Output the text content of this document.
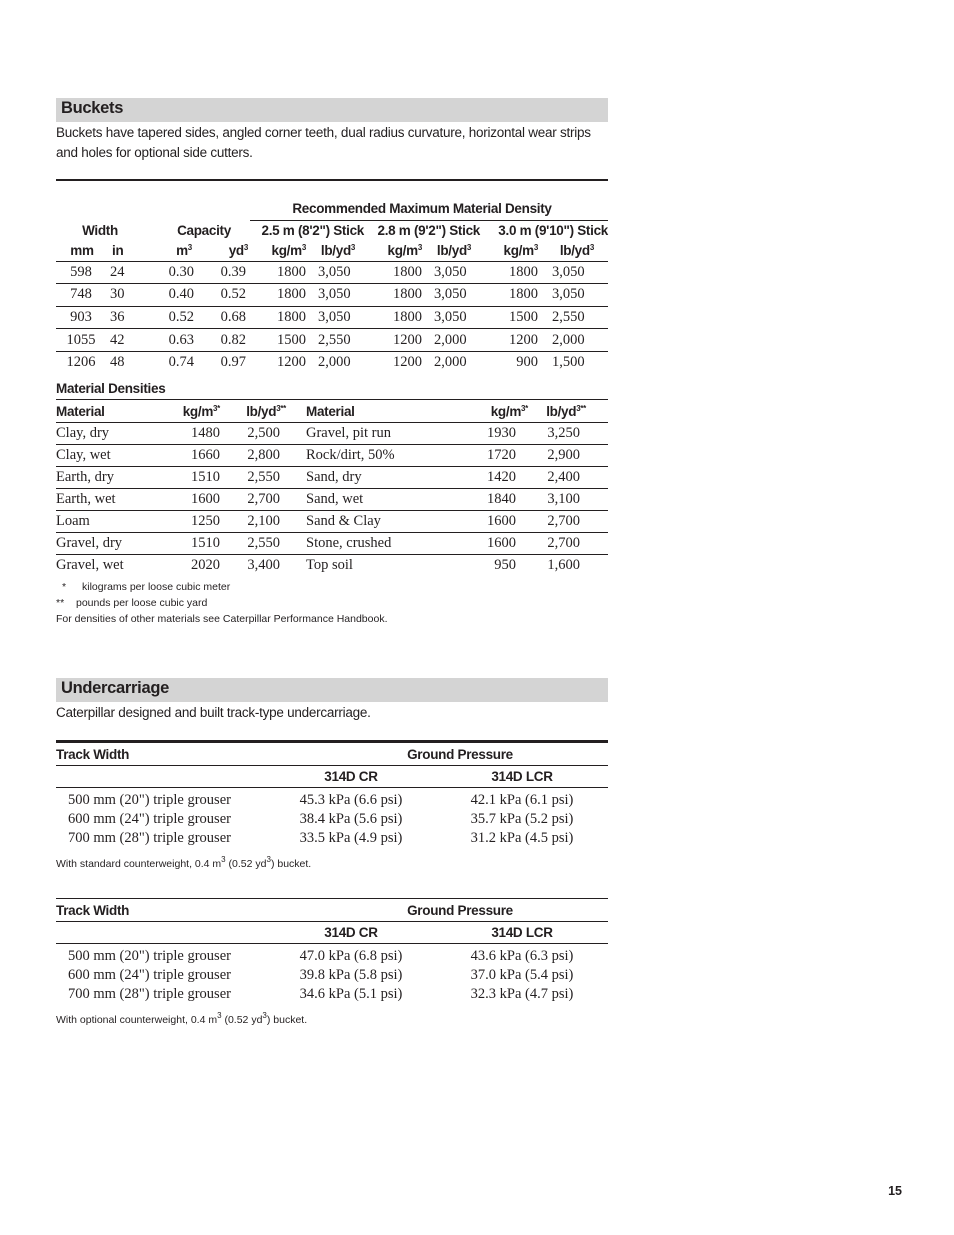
Buckets
Buckets have tapered sides, angled corner teeth, dual radius curvature, horizontal wear strips and holes for optional side cutters.
				Recommended Maximum Material Density					
Width		Capacity		2.5 m (8'2") Stick		2.8 m (9'2") Stick		3.0 m (9'10") Stick	
mm	in	$m^3$	$yd^3$	$kg/m^3$	$lb/yd^3$	$kg/m^3$	$lb/yd^3$	$kg/m^3$	$lb/yd^3$
598	24	0.30	0.39	1800	3,050	1800	3,050	1800	3,050
748	30	0.40	0.52	1800	3,050	1800	3,050	1800	3,050
903	36	0.52	0.68	1800	3,050	1800	3,050	1500	2,550
1055	42	0.63	0.82	1500	2,550	1200	2,000	1200	2,000
1206	48	0.74	0.97	1200	2,000	1200	2,000	900	1,500
Material Densities
Material	$kg/m^{3*}$	$lb/yd^{3**}$	Material	$kg/m^{3*}$	$lb/yd^{3**}$
Clay, dry	1480	2,500	Gravel, pit run	1930	3,250
Clay, wet	1660	2,800	Rock/dirt, 50%	1720	2,900
Earth, dry	1510	2,550	Sand, dry	1420	2,400
Earth, wet	1600	2,700	Sand, wet	1840	3,100
Loam	1250	2,100	Sand & Clay	1600	2,700
Gravel, dry	1510	2,550	Stone, crushed	1600	2,700
Gravel, wet	2020	3,400	Top soil	950	1,600
* kilograms per loose cubic meter
** pounds per loose cubic yard
For densities of other materials see Caterpillar Performance Handbook.
Undercarriage
Caterpillar designed and built track-type undercarriage.
Track Width	Ground Pressure	
	314D CR	314D LCR

500 mm (20") triple grouser	45.3 kPa (6.6 psi)	42.1 kPa (6.1 psi)
600 mm (24") triple grouser	38.4 kPa (5.6 psi)	35.7 kPa (5.2 psi)
700 mm (28") triple grouser	33.5 kPa (4.9 psi)	31.2 kPa (4.5 psi)
With standard counterweight, 0.4 $m^3$ (0.52 $yd^3$) bucket.
Track Width	Ground Pressure	
	314D CR	314D LCR

500 mm (20") triple grouser	47.0 kPa (6.8 psi)	43.6 kPa (6.3 psi)
600 mm (24") triple grouser	39.8 kPa (5.8 psi)	37.0 kPa (5.4 psi)
700 mm (28") triple grouser	34.6 kPa (5.1 psi)	32.3 kPa (4.7 psi)
With optional counterweight, 0.4 $m^3$ (0.52 $yd^3$) bucket.
15
